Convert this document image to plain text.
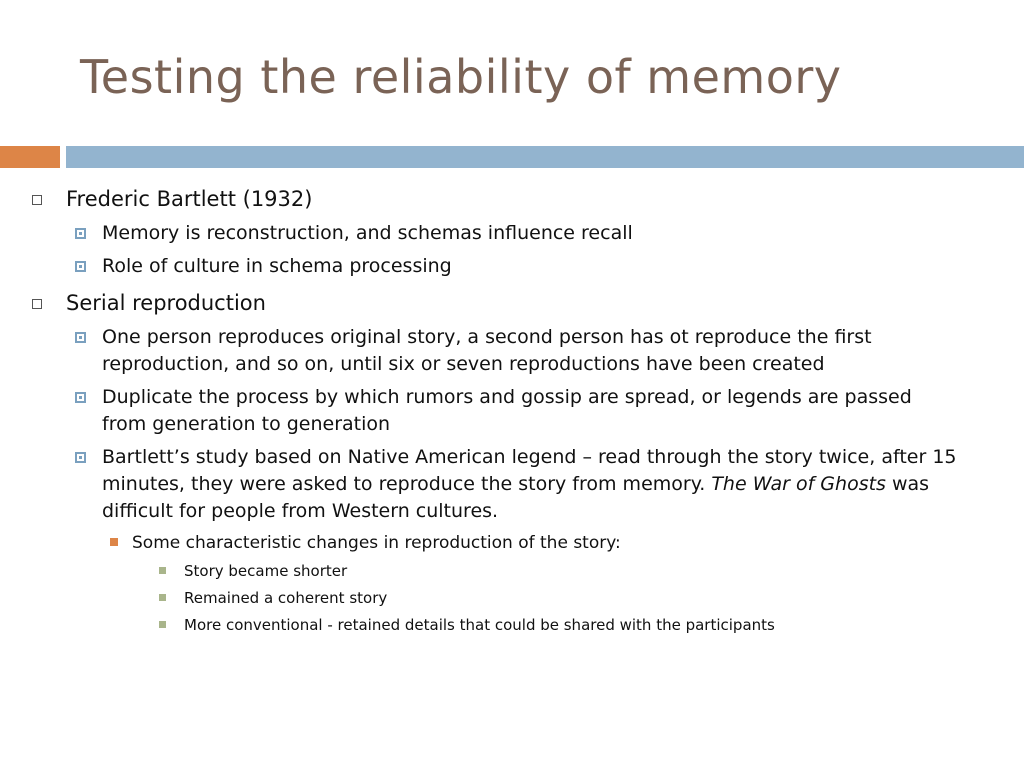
Testing the reliability of memory
Frederic Bartlett (1932)
Memory is reconstruction, and schemas influence recall
Role of culture in schema processing
Serial reproduction
One person reproduces original story, a second person has ot reproduce the first reproduction, and so on, until six or seven reproductions have been created
Duplicate the process by which rumors and gossip are spread, or legends are passed from generation to generation
Bartlett’s study based on Native American legend – read through the story twice, after 15 minutes, they were asked to reproduce the story from memory. The War of Ghosts was difficult for people from Western cultures.
Some characteristic changes in reproduction of the story:
Story became shorter
Remained a coherent story
More conventional - retained details that could be shared with the participants
